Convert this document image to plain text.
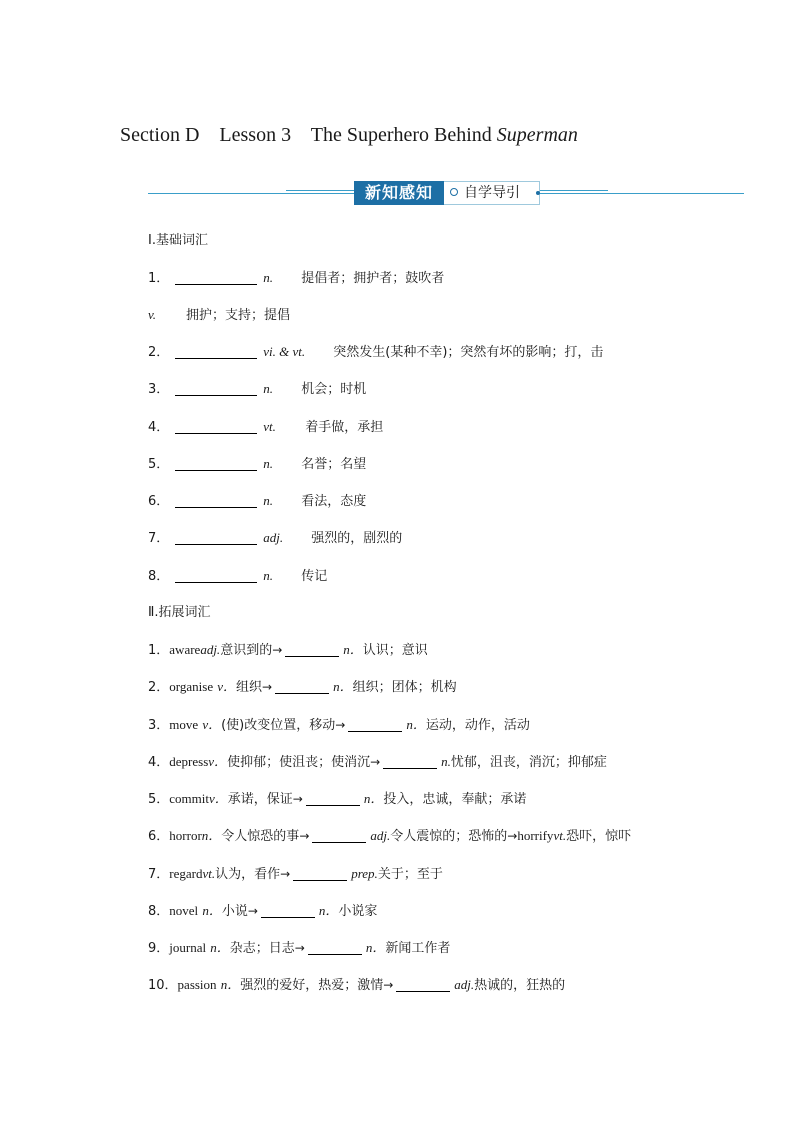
Section D    Lesson 3    The Superhero Behind Superman
新知感知	自学导引
Ⅰ.基础词汇
1．	n. 提倡者；拥护者；鼓吹者
v. 拥护；支持；提倡
2．	vi. & vt. 突然发生(某种不幸)；突然有坏的影响；打，击
3．	n. 机会；时机
4．	vt. 着手做，承担
5．	n. 名誉；名望
6．	n. 看法，态度
7．	adj. 强烈的，剧烈的
8．	n. 传记
Ⅱ.拓展词汇
1．awareadj.意识到的→	n．认识；意识
2．organise v．组织→	n．组织；团体；机构
3．move v．(使)改变位置，移动→	n．运动，动作，活动
4．depressv．使抑郁；使沮丧；使消沉→	n.忧郁，沮丧，消沉；抑郁症
5．commitv．承诺，保证→	n．投入，忠诚，奉献；承诺
6．horrorn．令人惊恐的事→	adj.令人震惊的；恐怖的→horrifyvt.恐吓，惊吓
7．regardvt.认为，看作→	prep.关于；至于
8．novel n．小说→	n．小说家
9．journal n．杂志；日志→	n．新闻工作者
10．passion n．强烈的爱好，热爱；激情→	adj.热诚的，狂热的
